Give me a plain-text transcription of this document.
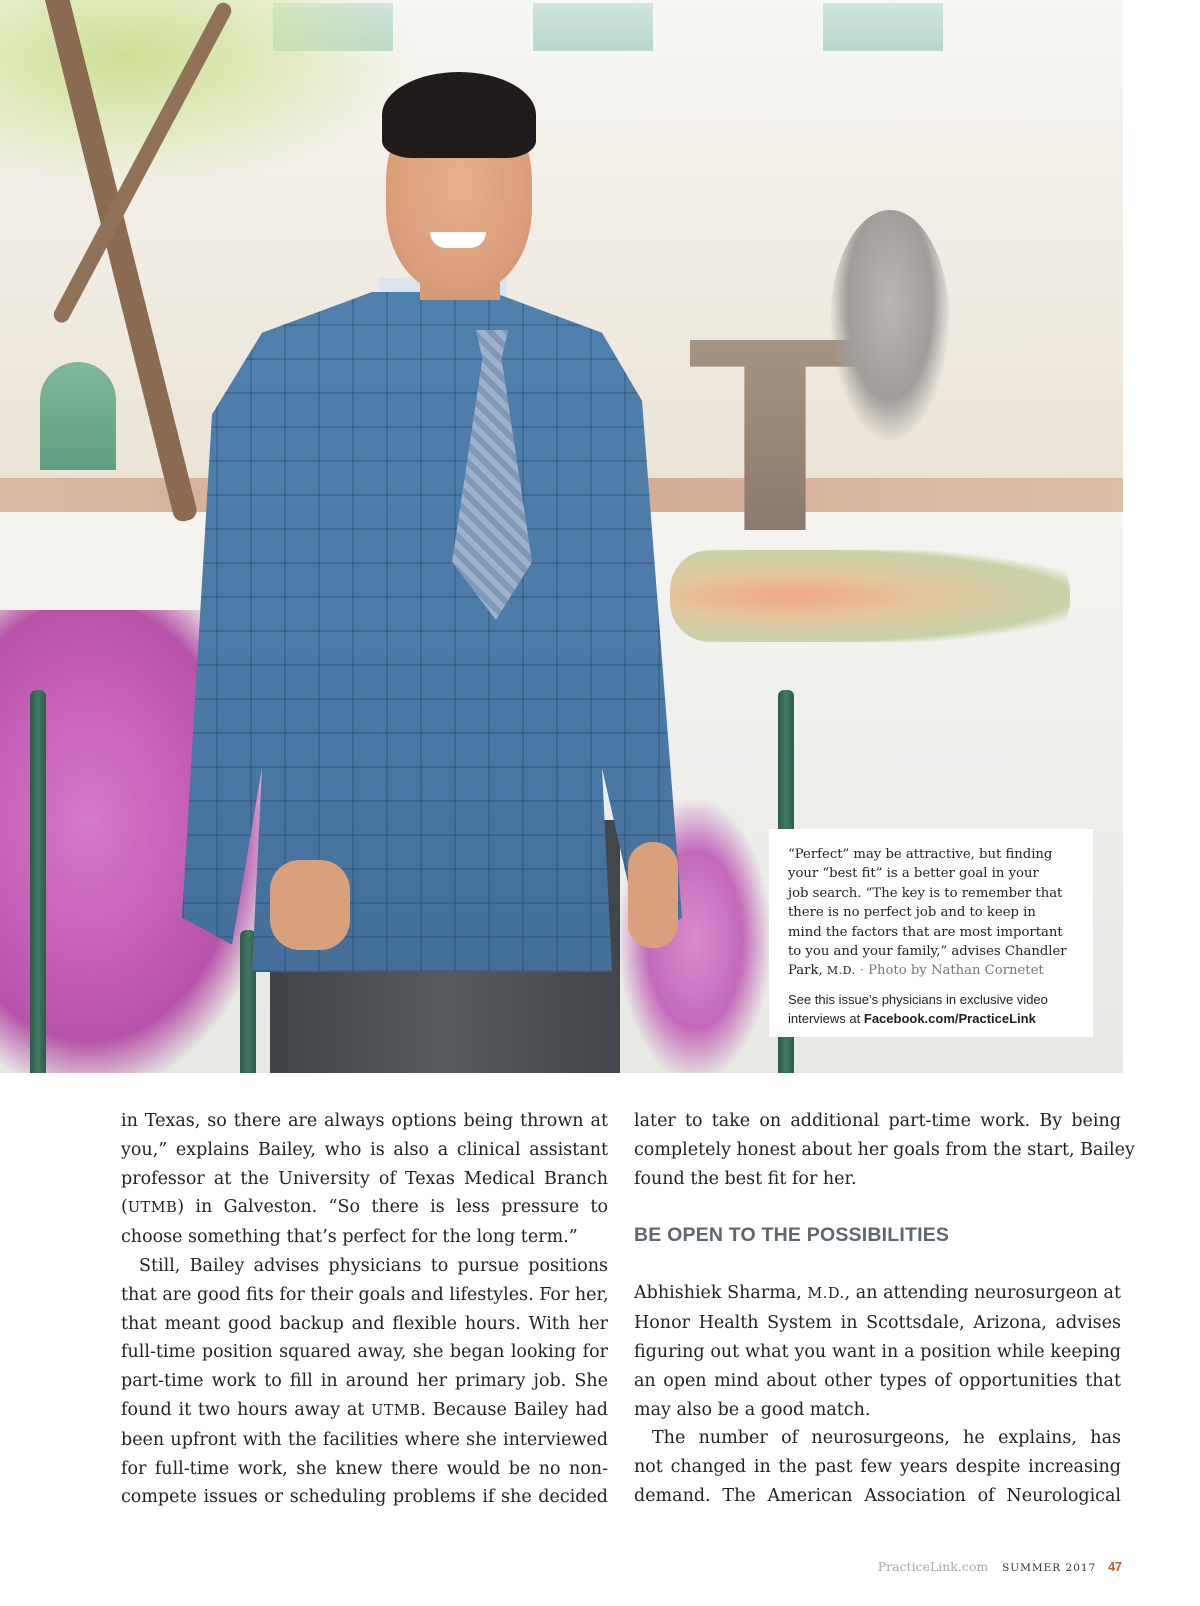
“Perfect” may be attractive, but finding
your “best fit” is a better goal in your
job search. “The key is to remember that
there is no perfect job and to keep in
mind the factors that are most important
to you and your family,” advises Chandler
Park, M.D. · Photo by Nathan Cornetet

See this issue’s physicians in exclusive video interviews at Facebook.com/PracticeLink

in Texas, so there are always options being thrown at
you,” explains Bailey, who is also a clinical assistant
professor at the University of Texas Medical Branch
(UTMB) in Galveston. “So there is less pressure to
choose something that’s perfect for the long term.”

Still, Bailey advises physicians to pursue positions
that are good fits for their goals and lifestyles. For her,
that meant good backup and flexible hours. With her
full-time position squared away, she began looking for
part-time work to fill in around her primary job. She
found it two hours away at UTMB. Because Bailey had
been upfront with the facilities where she interviewed
for full-time work, she knew there would be no non-
compete issues or scheduling problems if she decided

later to take on additional part-time work. By being
completely honest about her goals from the start, Bailey
found the best fit for her.

BE OPEN TO THE POSSIBILITIES

Abhishiek Sharma, M.D., an attending neurosurgeon at
Honor Health System in Scottsdale, Arizona, advises
figuring out what you want in a position while keeping
an open mind about other types of opportunities that
may also be a good match.

The number of neurosurgeons, he explains, has
not changed in the past few years despite increasing
demand. The American Association of Neurological

PracticeLink.com SUMMER 2017 47
